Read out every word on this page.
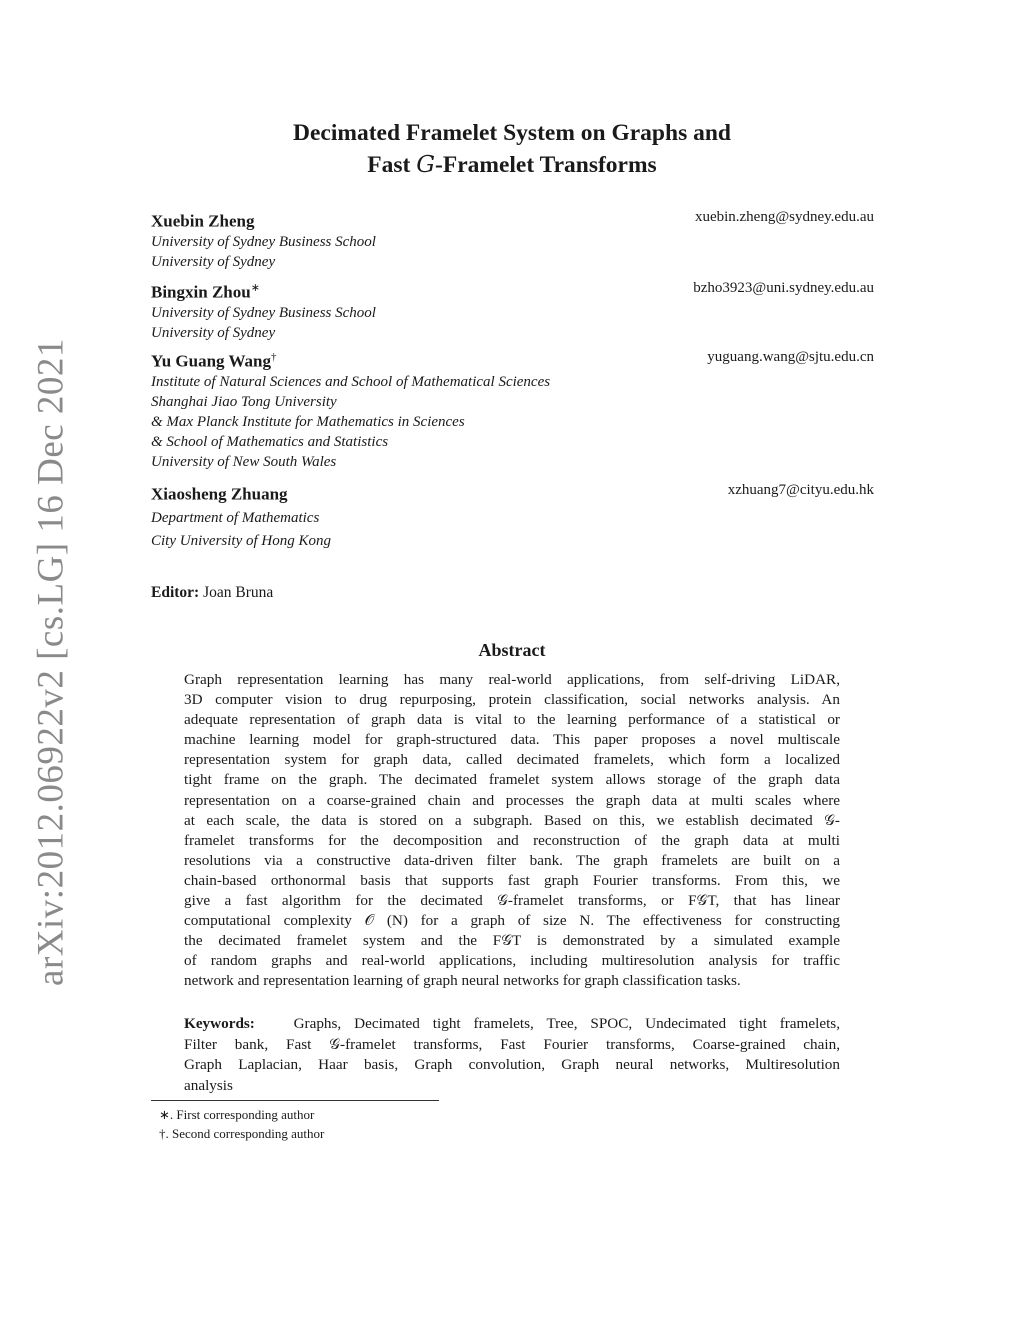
arXiv:2012.06922v2 [cs.LG] 16 Dec 2021
Decimated Framelet System on Graphs and
Fast G-Framelet Transforms
Xuebin Zheng	xuebin.zheng@sydney.edu.au
University of Sydney Business School
University of Sydney
Bingxin Zhou∗	bzho3923@uni.sydney.edu.au
University of Sydney Business School
University of Sydney
Yu Guang Wang†	yuguang.wang@sjtu.edu.cn
Institute of Natural Sciences and School of Mathematical Sciences
Shanghai Jiao Tong University
& Max Planck Institute for Mathematics in Sciences
& School of Mathematics and Statistics
University of New South Wales
Xiaosheng Zhuang	xzhuang7@cityu.edu.hk
Department of Mathematics
City University of Hong Kong
Editor: Joan Bruna
Abstract
Graph representation learning has many real-world applications, from self-driving LiDAR,
3D computer vision to drug repurposing, protein classification, social networks analysis. An
adequate representation of graph data is vital to the learning performance of a statistical or
machine learning model for graph-structured data. This paper proposes a novel multiscale
representation system for graph data, called decimated framelets, which form a localized
tight frame on the graph. The decimated framelet system allows storage of the graph data
representation on a coarse-grained chain and processes the graph data at multi scales where
at each scale, the data is stored on a subgraph. Based on this, we establish decimated 𝒢-
framelet transforms for the decomposition and reconstruction of the graph data at multi
resolutions via a constructive data-driven filter bank. The graph framelets are built on a
chain-based orthonormal basis that supports fast graph Fourier transforms. From this, we
give a fast algorithm for the decimated 𝒢-framelet transforms, or F𝒢T, that has linear
computational complexity 𝒪 (N) for a graph of size N. The effectiveness for constructing
the decimated framelet system and the F𝒢T is demonstrated by a simulated example
of random graphs and real-world applications, including multiresolution analysis for traffic
network and representation learning of graph neural networks for graph classification tasks.
Keywords:	Graphs, Decimated tight framelets, Tree, SPOC, Undecimated tight framelets,
Filter bank, Fast 𝒢-framelet transforms, Fast Fourier transforms, Coarse-grained chain,
Graph Laplacian, Haar basis, Graph convolution, Graph neural networks, Multiresolution
analysis
∗. First corresponding author
†. Second corresponding author
